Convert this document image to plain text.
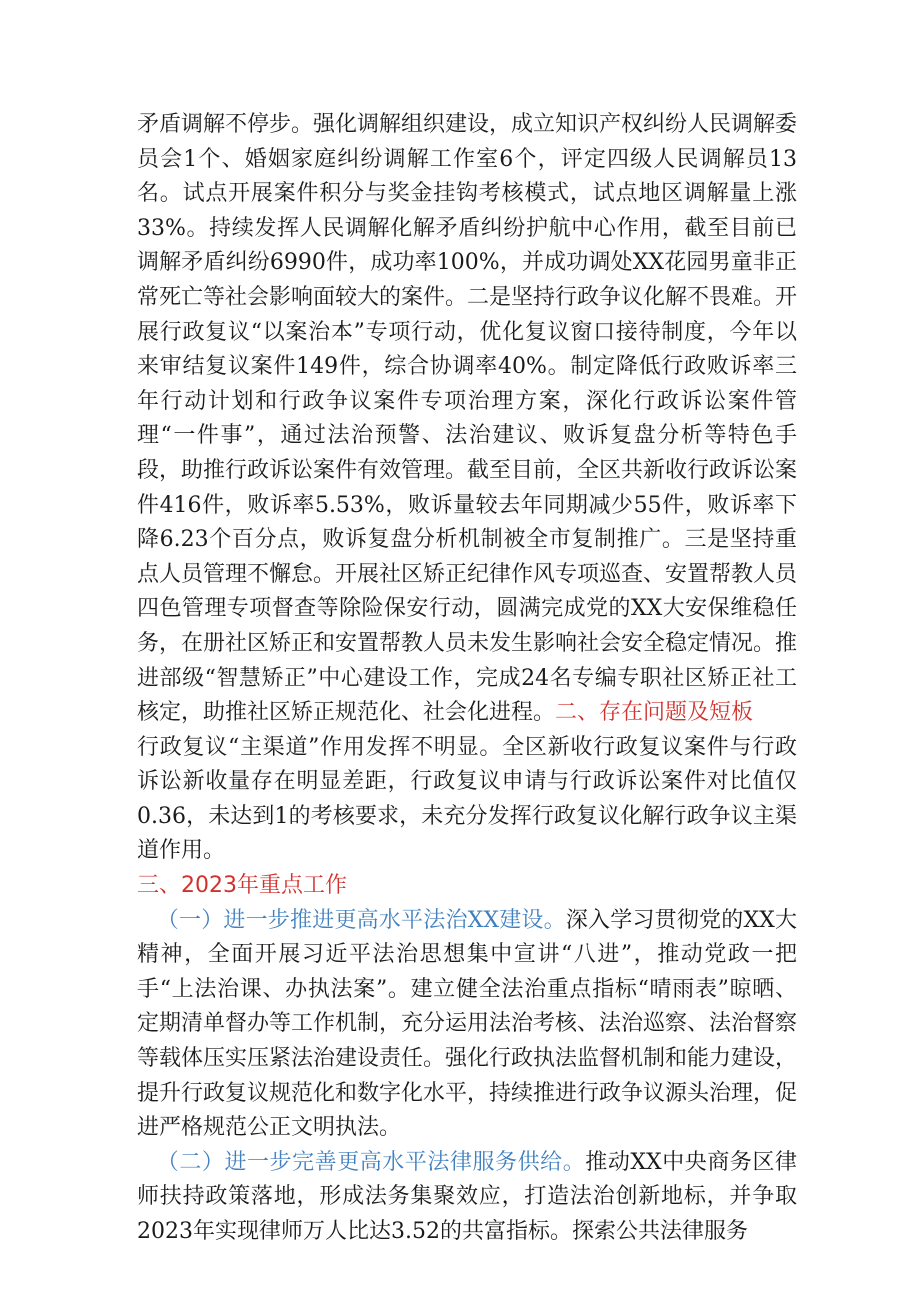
矛盾调解不停步。强化调解组织建设，成立知识产权纠纷人民调解委员会1个、婚姻家庭纠纷调解工作室6个，评定四级人民调解员13名。试点开展案件积分与奖金挂钩考核模式，试点地区调解量上涨33%。持续发挥人民调解化解矛盾纠纷护航中心作用，截至目前已调解矛盾纠纷6990件，成功率100%，并成功调处XX花园男童非正常死亡等社会影响面较大的案件。二是坚持行政争议化解不畏难。开展行政复议“以案治本”专项行动，优化复议窗口接待制度，今年以来审结复议案件149件，综合协调率40%。制定降低行政败诉率三年行动计划和行政争议案件专项治理方案，深化行政诉讼案件管理“一件事”，通过法治预警、法治建议、败诉复盘分析等特色手段，助推行政诉讼案件有效管理。截至目前，全区共新收行政诉讼案件416件，败诉率5.53%，败诉量较去年同期减少55件，败诉率下降6.23个百分点，败诉复盘分析机制被全市复制推广。三是坚持重点人员管理不懈怠。开展社区矫正纪律作风专项巡查、安置帮教人员四色管理专项督查等除险保安行动，圆满完成党的XX大安保维稳任务，在册社区矫正和安置帮教人员未发生影响社会安全稳定情况。推进部级“智慧矫正”中心建设工作，完成24名专编专职社区矫正社工核定，助推社区矫正规范化、社会化进程。二、存在问题及短板

行政复议“主渠道”作用发挥不明显。全区新收行政复议案件与行政诉讼新收量存在明显差距，行政复议申请与行政诉讼案件对比值仅0.36，未达到1的考核要求，未充分发挥行政复议化解行政争议主渠道作用。

三、2023年重点工作

（一）进一步推进更高水平法治XX建设。深入学习贯彻党的XX大精神，全面开展习近平法治思想集中宣讲“八进”，推动党政一把手“上法治课、办执法案”。建立健全法治重点指标“晴雨表”晾晒、定期清单督办等工作机制，充分运用法治考核、法治巡察、法治督察等载体压实压紧法治建设责任。强化行政执法监督机制和能力建设，提升行政复议规范化和数字化水平，持续推进行政争议源头治理，促进严格规范公正文明执法。

（二）进一步完善更高水平法律服务供给。推动XX中央商务区律师扶持政策落地，形成法务集聚效应，打造法治创新地标，并争取2023年实现律师万人比达3.52的共富指标。探索公共法律服务
